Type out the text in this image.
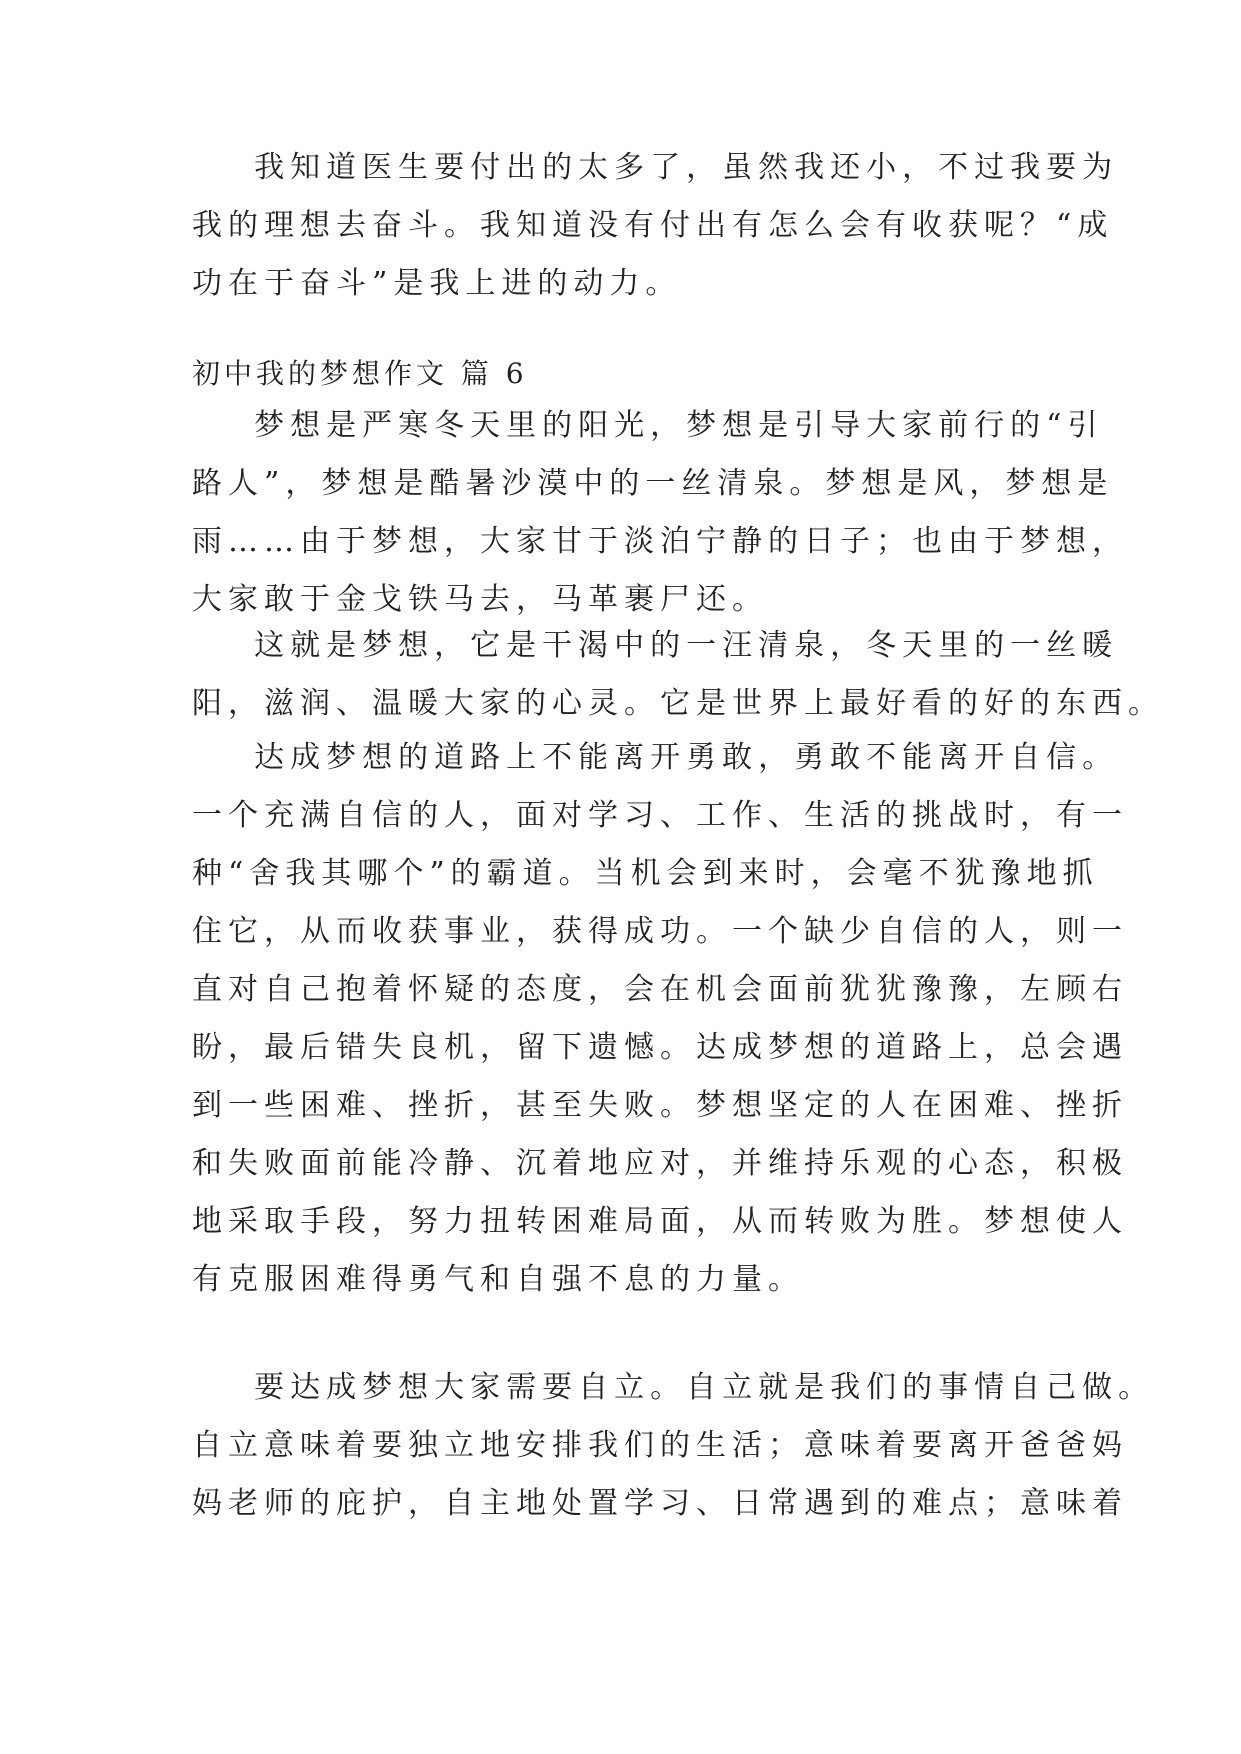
我知道医生要付出的太多了，虽然我还小，不过我要为
我的理想去奋斗。我知道没有付出有怎么会有收获呢？“成
功在于奋斗”是我上进的动力。
初中我的梦想作文 篇 6
梦想是严寒冬天里的阳光，梦想是引导大家前行的“引
路人”，梦想是酷暑沙漠中的一丝清泉。梦想是风，梦想是
雨……由于梦想，大家甘于淡泊宁静的日子；也由于梦想，
大家敢于金戈铁马去，马革裹尸还。
这就是梦想，它是干渴中的一汪清泉，冬天里的一丝暖
阳，滋润、温暖大家的心灵。它是世界上最好看的好的东西。
达成梦想的道路上不能离开勇敢，勇敢不能离开自信。
一个充满自信的人，面对学习、工作、生活的挑战时，有一
种“舍我其哪个”的霸道。当机会到来时，会毫不犹豫地抓
住它，从而收获事业，获得成功。一个缺少自信的人，则一
直对自己抱着怀疑的态度，会在机会面前犹犹豫豫，左顾右
盼，最后错失良机，留下遗憾。达成梦想的道路上，总会遇
到一些困难、挫折，甚至失败。梦想坚定的人在困难、挫折
和失败面前能冷静、沉着地应对，并维持乐观的心态，积极
地采取手段，努力扭转困难局面，从而转败为胜。梦想使人
有克服困难得勇气和自强不息的力量。
要达成梦想大家需要自立。自立就是我们的事情自己做。
自立意味着要独立地安排我们的生活；意味着要离开爸爸妈
妈老师的庇护，自主地处置学习、日常遇到的难点；意味着
